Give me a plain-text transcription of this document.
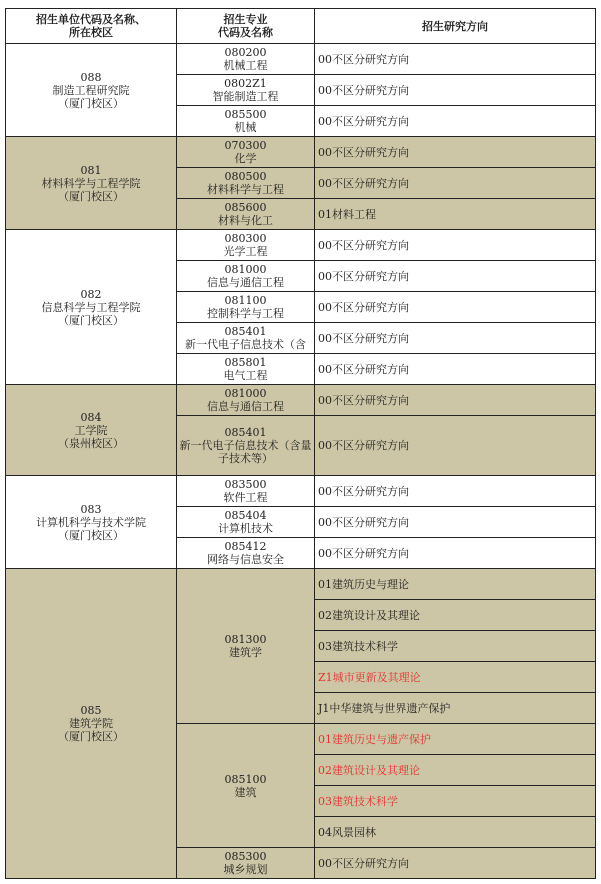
招生单位代码及名称、
所在校区	招生专业
代码及名称	招生研究方向

088
制造工程研究院
（厦门校区）	080200
机械工程	00不区分研究方向

	0802Z1
智能制造工程	00不区分研究方向

	085500
机械	00不区分研究方向

081
材料科学与工程学院
（厦门校区）	070300
化学	00不区分研究方向

	080500
材料科学与工程	00不区分研究方向

	085600
材料与化工	01材料工程

082
信息科学与工程学院
（厦门校区）	080300
光学工程	00不区分研究方向

	081000
信息与通信工程	00不区分研究方向

	081100
控制科学与工程	00不区分研究方向

	085401
新一代电子信息技术（含	00不区分研究方向

	085801
电气工程	00不区分研究方向

084
工学院
（泉州校区）	081000
信息与通信工程	00不区分研究方向

	085401
新一代电子信息技术（含量子技术等）	00不区分研究方向

083
计算机科学与技术学院
（厦门校区）	083500
软件工程	00不区分研究方向

	085404
计算机技术	00不区分研究方向

	085412
网络与信息安全	00不区分研究方向

085
建筑学院
（厦门校区）	081300
建筑学	01建筑历史与理论
		02建筑设计及其理论
		03建筑技术科学
		Z1城市更新及其理论
		J1中华建筑与世界遗产保护

	085100
建筑	01建筑历史与遗产保护
		02建筑设计及其理论
		03建筑技术科学
		04风景园林

	085300
城乡规划	00不区分研究方向
